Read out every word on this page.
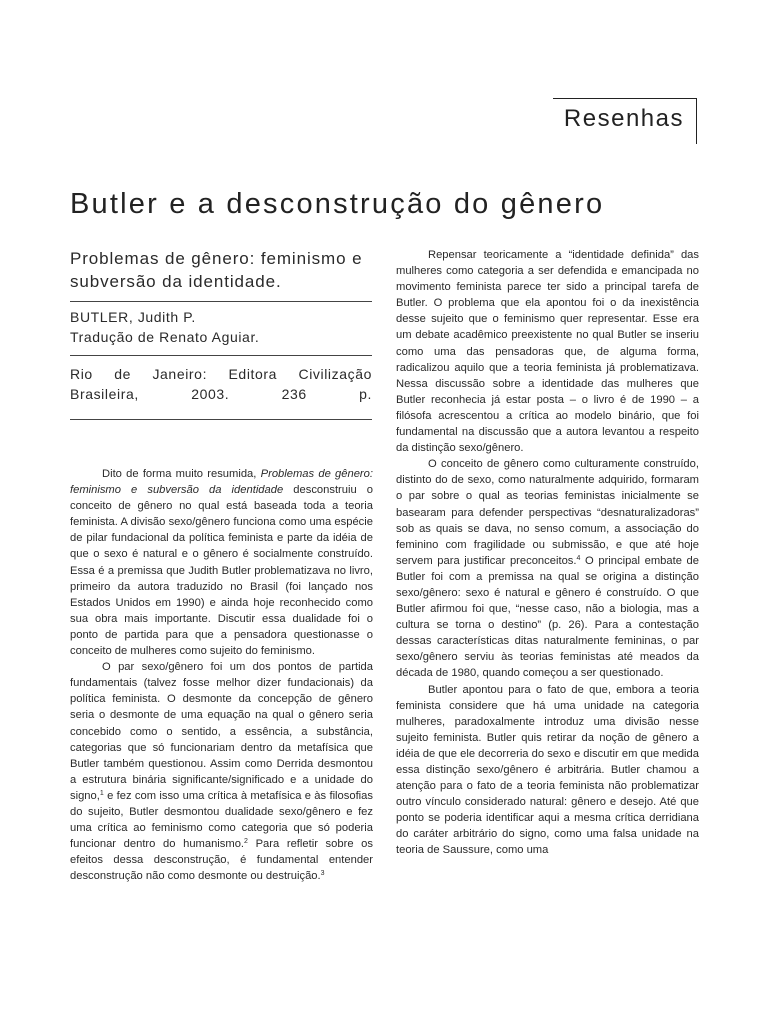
Resenhas
Butler e a desconstrução do gênero
Problemas de gênero: feminismo e subversão da identidade.
BUTLER, Judith P.
Tradução de Renato Aguiar.
Rio de Janeiro: Editora Civilização Brasileira, 2003. 236 p.

Dito de forma muito resumida, Problemas de gênero: feminismo e subversão da identidade desconstruiu o conceito de gênero no qual está baseada toda a teoria feminista. A divisão sexo/gênero funciona como uma espécie de pilar fundacional da política feminista e parte da idéia de que o sexo é natural e o gênero é socialmente construído. Essa é a premissa que Judith Butler problematizava no livro, primeiro da autora traduzido no Brasil (foi lançado nos Estados Unidos em 1990) e ainda hoje reconhecido como sua obra mais importante. Discutir essa dualidade foi o ponto de partida para que a pensadora questionasse o conceito de mulheres como sujeito do feminismo.

O par sexo/gênero foi um dos pontos de partida fundamentais (talvez fosse melhor dizer fundacionais) da política feminista. O desmonte da concepção de gênero seria o desmonte de uma equação na qual o gênero seria concebido como o sentido, a essência, a substância, categorias que só funcionariam dentro da metafísica que Butler também questionou. Assim como Derrida desmontou a estrutura binária significante/significado e a unidade do signo,$^1$ e fez com isso uma crítica à metafísica e às filosofias do sujeito, Butler desmontou dualidade sexo/gênero e fez uma crítica ao feminismo como categoria que só poderia funcionar dentro do humanismo.$^2$ Para refletir sobre os efeitos dessa desconstrução, é fundamental entender desconstrução não como desmonte ou destruição.$^3$

Repensar teoricamente a “identidade definida” das mulheres como categoria a ser defendida e emancipada no movimento feminista parece ter sido a principal tarefa de Butler. O problema que ela apontou foi o da inexistência desse sujeito que o feminismo quer representar. Esse era um debate acadêmico preexistente no qual Butler se inseriu como uma das pensadoras que, de alguma forma, radicalizou aquilo que a teoria feminista já problematizava. Nessa discussão sobre a identidade das mulheres que Butler reconhecia já estar posta – o livro é de 1990 – a filósofa acrescentou a crítica ao modelo binário, que foi fundamental na discussão que a autora levantou a respeito da distinção sexo/gênero.

O conceito de gênero como culturamente construído, distinto do de sexo, como naturalmente adquirido, formaram o par sobre o qual as teorias feministas inicialmente se basearam para defender perspectivas “desnaturalizadoras” sob as quais se dava, no senso comum, a associação do feminino com fragilidade ou submissão, e que até hoje servem para justificar preconceitos.$^4$ O principal embate de Butler foi com a premissa na qual se origina a distinção sexo/gênero: sexo é natural e gênero é construído. O que Butler afirmou foi que, “nesse caso, não a biologia, mas a cultura se torna o destino” (p. 26). Para a contestação dessas características ditas naturalmente femininas, o par sexo/gênero serviu às teorias feministas até meados da década de 1980, quando começou a ser questionado.

Butler apontou para o fato de que, embora a teoria feminista considere que há uma unidade na categoria mulheres, paradoxalmente introduz uma divisão nesse sujeito feminista. Butler quis retirar da noção de gênero a idéia de que ele decorreria do sexo e discutir em que medida essa distinção sexo/gênero é arbitrária. Butler chamou a atenção para o fato de a teoria feminista não problematizar outro vínculo considerado natural: gênero e desejo. Até que ponto se poderia identificar aqui a mesma crítica derridiana do caráter arbitrário do signo, como uma falsa unidade na teoria de Saussure, como uma
